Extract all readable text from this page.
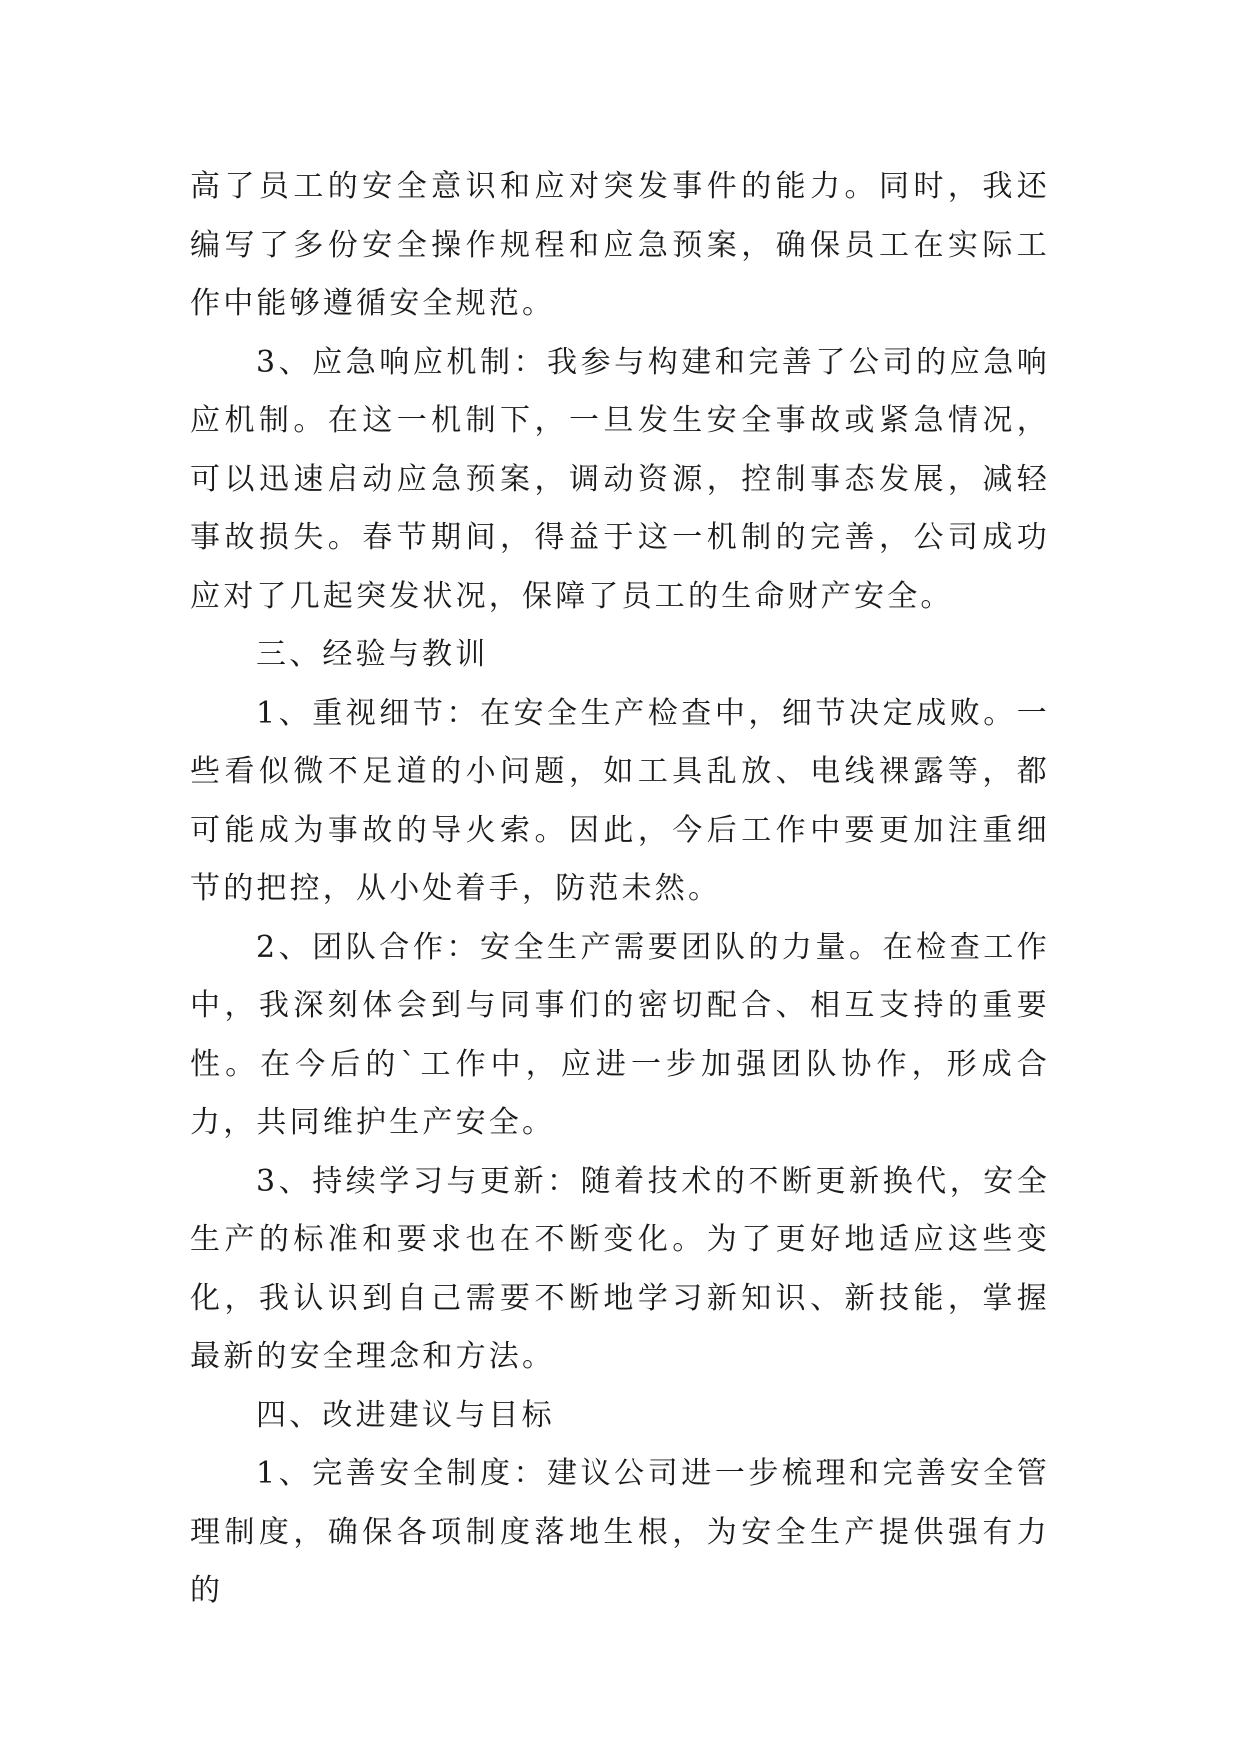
高了员工的安全意识和应对突发事件的能力。同时，我还编写了多份安全操作规程和应急预案，确保员工在实际工作中能够遵循安全规范。

3、应急响应机制：我参与构建和完善了公司的应急响应机制。在这一机制下，一旦发生安全事故或紧急情况，可以迅速启动应急预案，调动资源，控制事态发展，减轻事故损失。春节期间，得益于这一机制的完善，公司成功应对了几起突发状况，保障了员工的生命财产安全。

三、经验与教训

1、重视细节：在安全生产检查中，细节决定成败。一些看似微不足道的小问题，如工具乱放、电线裸露等，都可能成为事故的导火索。因此，今后工作中要更加注重细节的把控，从小处着手，防范未然。

2、团队合作：安全生产需要团队的力量。在检查工作中，我深刻体会到与同事们的密切配合、相互支持的重要性。在今后的`工作中，应进一步加强团队协作，形成合力，共同维护生产安全。

3、持续学习与更新：随着技术的不断更新换代，安全生产的标准和要求也在不断变化。为了更好地适应这些变化，我认识到自己需要不断地学习新知识、新技能，掌握最新的安全理念和方法。

四、改进建议与目标

1、完善安全制度：建议公司进一步梳理和完善安全管理制度，确保各项制度落地生根，为安全生产提供强有力的
